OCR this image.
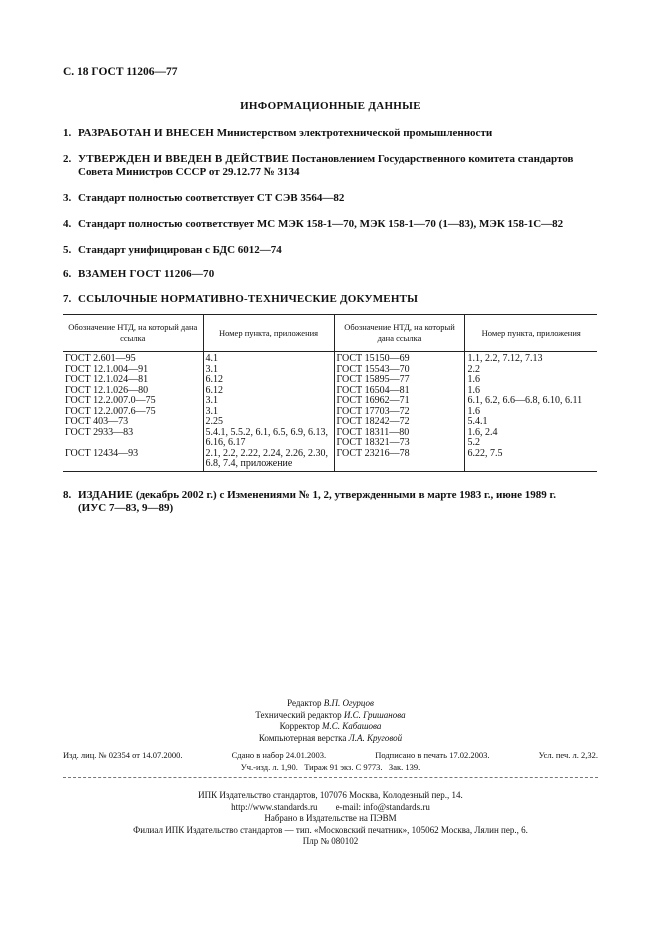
С. 18 ГОСТ 11206—77
ИНФОРМАЦИОННЫЕ ДАННЫЕ
1. РАЗРАБОТАН И ВНЕСЕН Министерством электротехнической промышленности
2. УТВЕРЖДЕН И ВВЕДЕН В ДЕЙСТВИЕ Постановлением Государственного комитета стандартов
Совета Министров СССР от 29.12.77 № 3134
3. Стандарт полностью соответствует СТ СЭВ 3564—82
4. Стандарт полностью соответствует МС МЭК 158-1—70, МЭК 158-1—70 (1—83), МЭК 158-1С—82
5. Стандарт унифицирован с БДС 6012—74
6. ВЗАМЕН ГОСТ 11206—70
7. ССЫЛОЧНЫЕ НОРМАТИВНО-ТЕХНИЧЕСКИЕ ДОКУМЕНТЫ
Обозначение НТД, на который дана ссылка	Номер пункта, приложения	Обозначение НТД, на который дана ссылка	Номер пункта, приложения
ГОСТ 2.601—95	4.1	ГОСТ 15150—69	1.1, 2.2, 7.12, 7.13
ГОСТ 12.1.004—91	3.1	ГОСТ 15543—70	2.2
ГОСТ 12.1.024—81	6.12	ГОСТ 15895—77	1.6
ГОСТ 12.1.026—80	6.12	ГОСТ 16504—81	1.6
ГОСТ 12.2.007.0—75	3.1	ГОСТ 16962—71	6.1, 6.2, 6.6—6.8, 6.10, 6.11
ГОСТ 12.2.007.6—75	3.1	ГОСТ 17703—72	1.6
ГОСТ 403—73	2.25	ГОСТ 18242—72	5.4.1
ГОСТ 2933—83	5.4.1, 5.5.2, 6.1, 6.5, 6.9, 6.13, 6.16, 6.17	ГОСТ 18311—80	1.6, 2.4
		ГОСТ 18321—73	5.2
ГОСТ 12434—93	2.1, 2.2, 2.22, 2.24, 2.26, 2.30, 6.8, 7.4, приложение	ГОСТ 23216—78	6.22, 7.5
8. ИЗДАНИЕ (декабрь 2002 г.) с Изменениями № 1, 2, утвержденными в марте 1983 г., июне 1989 г.
(ИУС 7—83, 9—89)
Редактор В.П. Огурцов
Технический редактор И.С. Гришанова
Корректор М.С. Кабашова
Компьютерная верстка Л.А. Круговой
Изд. лиц. № 02354 от 14.07.2000.	Сдано в набор 24.01.2003.	Подписано в печать 17.02.2003.	Усл. печ. л. 2,32.
Уч.-изд. л. 1,90.   Тираж 91 экз. С 9773.   Зак. 139.
ИПК Издательство стандартов, 107076 Москва, Колодезный пер., 14.
http://www.standards.ru e-mail: info@standards.ru
Набрано в Издательстве на ПЭВМ
Филиал ИПК Издательство стандартов — тип. «Московский печатник», 105062 Москва, Лялин пер., 6.
Плр № 080102
